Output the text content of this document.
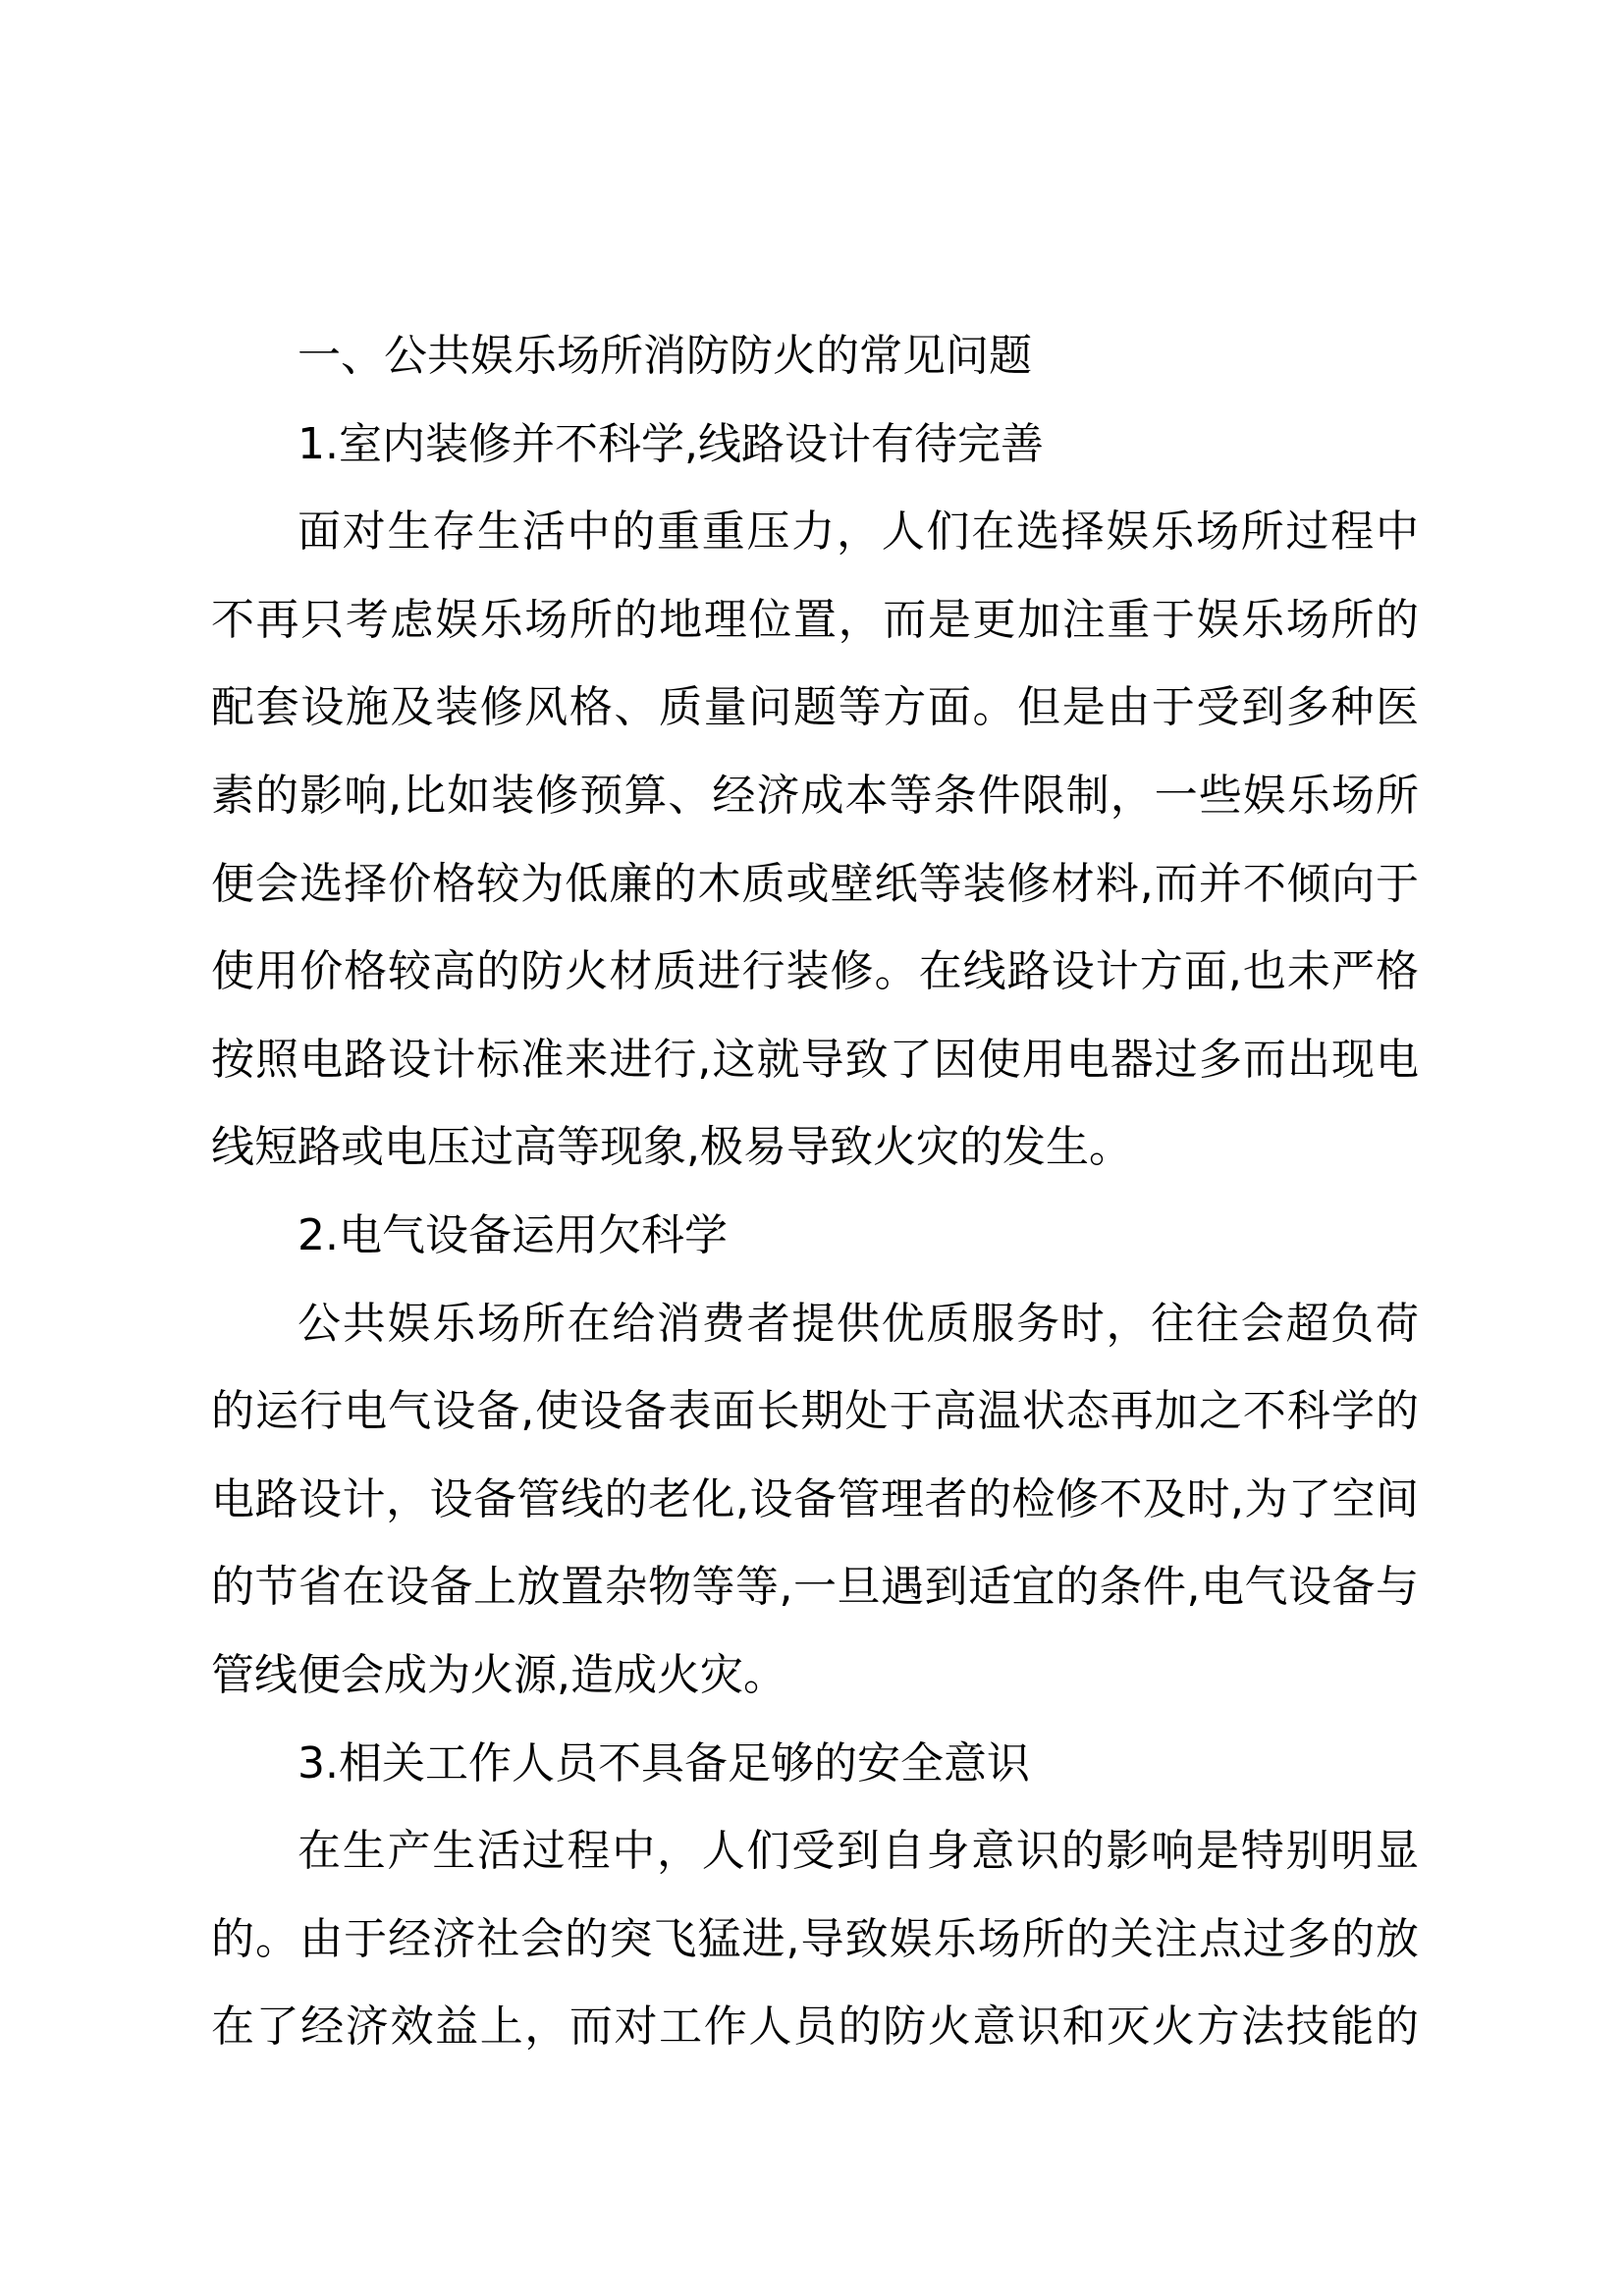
一、公共娱乐场所消防防火的常见问题
1.室内装修并不科学,线路设计有待完善
面对生存生活中的重重压力，人们在选择娱乐场所过程中
不再只考虑娱乐场所的地理位置，而是更加注重于娱乐场所的
配套设施及装修风格、质量问题等方面。但是由于受到多种医
素的影响,比如装修预算、经济成本等条件限制，一些娱乐场所
便会选择价格较为低廉的木质或壁纸等装修材料,而并不倾向于
使用价格较高的防火材质进行装修。在线路设计方面,也未严格
按照电路设计标准来进行,这就导致了因使用电器过多而出现电
线短路或电压过高等现象,极易导致火灾的发生。
2.电气设备运用欠科学
公共娱乐场所在给消费者提供优质服务时，往往会超负荷
的运行电气设备,使设备表面长期处于高温状态再加之不科学的
电路设计，设备管线的老化,设备管理者的检修不及时,为了空间
的节省在设备上放置杂物等等,一旦遇到适宜的条件,电气设备与
管线便会成为火源,造成火灾。
3.相关工作人员不具备足够的安全意识
在生产生活过程中，人们受到自身意识的影响是特别明显
的。由于经济社会的突飞猛进,导致娱乐场所的关注点过多的放
在了经济效益上，而对工作人员的防火意识和灭火方法技能的
